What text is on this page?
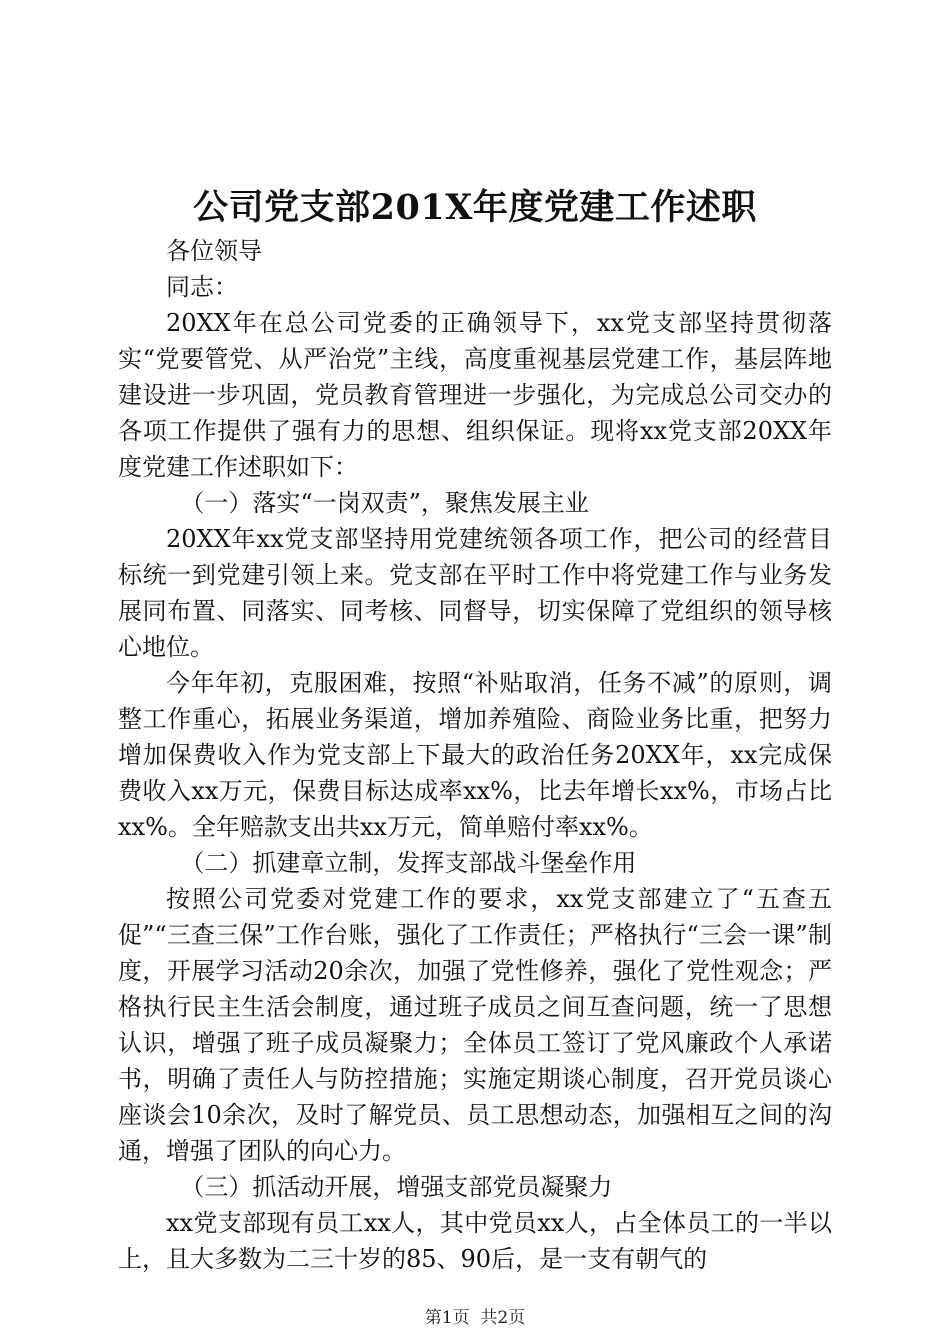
公司党支部201X年度党建工作述职

各位领导

同志：

20XX年在总公司党委的正确领导下，xx党支部坚持贯彻落实“党要管党、从严治党”主线，高度重视基层党建工作，基层阵地建设进一步巩固，党员教育管理进一步强化，为完成总公司交办的各项工作提供了强有力的思想、组织保证。现将xx党支部20XX年度党建工作述职如下：

（一）落实“一岗双责”，聚焦发展主业

20XX年xx党支部坚持用党建统领各项工作，把公司的经营目标统一到党建引领上来。党支部在平时工作中将党建工作与业务发展同布置、同落实、同考核、同督导，切实保障了党组织的领导核心地位。

今年年初，克服困难，按照“补贴取消，任务不减”的原则，调整工作重心，拓展业务渠道，增加养殖险、商险业务比重，把努力增加保费收入作为党支部上下最大的政治任务20XX年，xx完成保费收入xx万元，保费目标达成率xx%，比去年增长xx%，市场占比xx%。全年赔款支出共xx万元，简单赔付率xx%。

（二）抓建章立制，发挥支部战斗堡垒作用

按照公司党委对党建工作的要求，xx党支部建立了“五查五促”“三查三保”工作台账，强化了工作责任；严格执行“三会一课”制度，开展学习活动20余次，加强了党性修养，强化了党性观念；严格执行民主生活会制度，通过班子成员之间互查问题，统一了思想认识，增强了班子成员凝聚力；全体员工签订了党风廉政个人承诺书，明确了责任人与防控措施；实施定期谈心制度，召开党员谈心座谈会10余次，及时了解党员、员工思想动态，加强相互之间的沟通，增强了团队的向心力。

（三）抓活动开展，增强支部党员凝聚力

xx党支部现有员工xx人，其中党员xx人，占全体员工的一半以上，且大多数为二三十岁的85、90后，是一支有朝气的

第1页  共2页
